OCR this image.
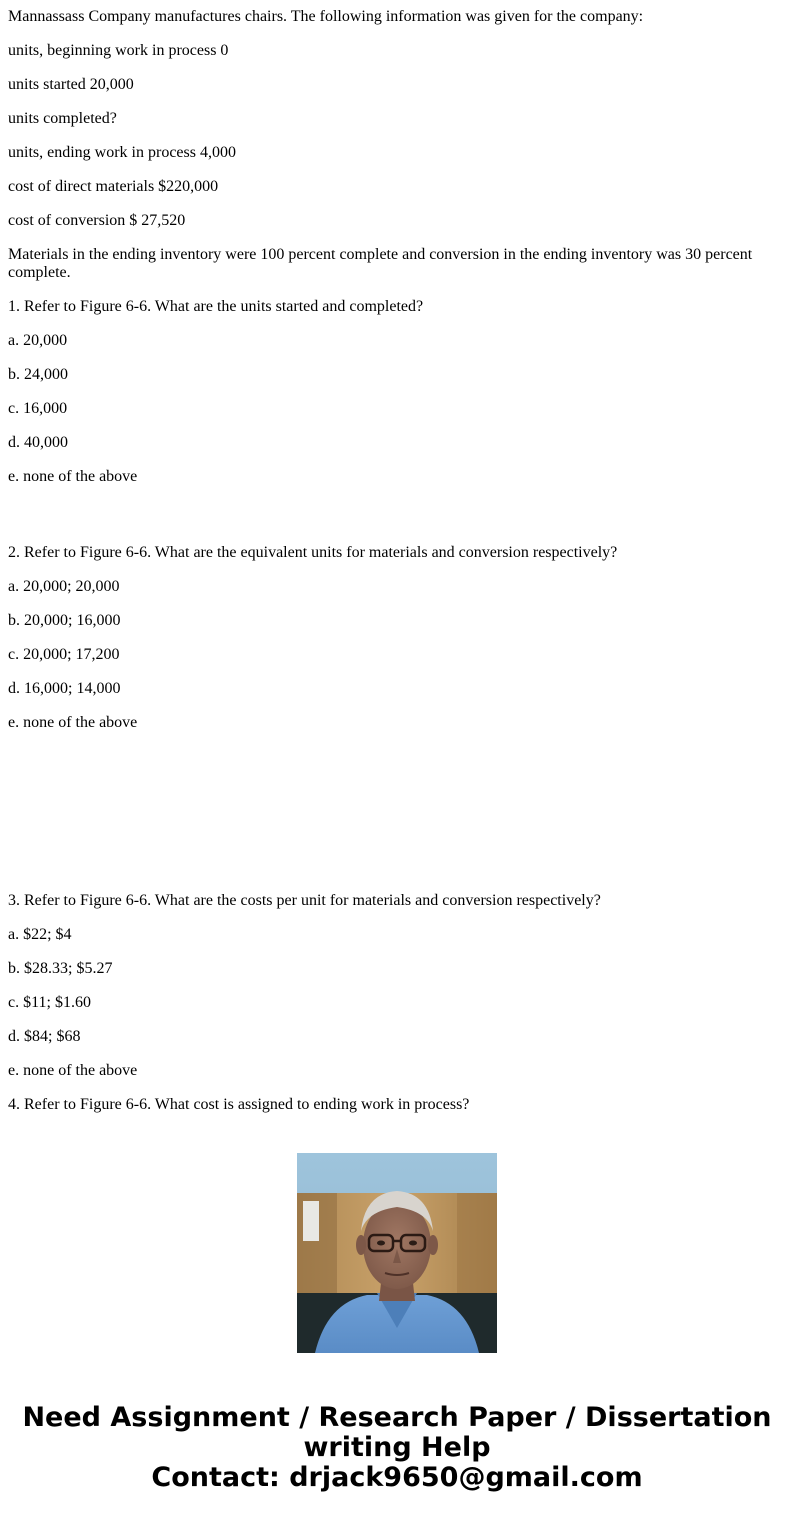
Mannassass Company manufactures chairs. The following information was given for the company:

units, beginning work in process 0

units started 20,000

units completed?

units, ending work in process 4,000

cost of direct materials $220,000

cost of conversion $ 27,520

Materials in the ending inventory were 100 percent complete and conversion in the ending inventory was 30 percent complete.

1. Refer to Figure 6-6. What are the units started and completed?

a. 20,000

b. 24,000

c. 16,000

d. 40,000

e. none of the above

2. Refer to Figure 6-6. What are the equivalent units for materials and conversion respectively?

a. 20,000; 20,000

b. 20,000; 16,000

c. 20,000; 17,200

d. 16,000; 14,000

e. none of the above

3. Refer to Figure 6-6. What are the costs per unit for materials and conversion respectively?

a. $22; $4

b. $28.33; $5.27

c. $11; $1.60

d. $84; $68

e. none of the above

4. Refer to Figure 6-6. What cost is assigned to ending work in process?

Need Assignment / Research Paper / Dissertation
writing Help
Contact: drjack9650@gmail.com
